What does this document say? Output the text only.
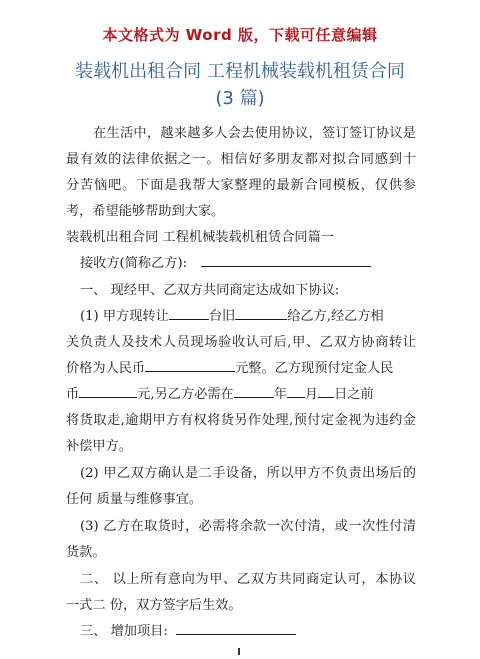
本文格式为 Word 版，下载可任意编辑
装载机出租合同 工程机械装载机租赁合同
(3 篇)
在生活中，越来越多人会去使用协议，签订签订协议是
最有效的法律依据之一。相信好多朋友都对拟合同感到十
分苦恼吧。下面是我帮大家整理的最新合同模板，仅供参
考，希望能够帮助到大家。
装载机出租合同 工程机械装载机租赁合同篇一
接收方(简称乙方):
一、 现经甲、乙双方共同商定达成如下协议:
(1) 甲方现转让	台旧	给乙方,经乙方相
关负责人及技术人员现场验收认可后,甲、乙双方协商转让
价格为人民币	元整。乙方现预付定金人民
币	元,另乙方必需在	年 月 日之前
将货取走,逾期甲方有权将货另作处理,预付定金视为违约金
补偿甲方。
(2) 甲乙双方确认是二手设备，所以甲方不负责出场后的
任何 质量与维修事宜。
(3) 乙方在取货时，必需将余款一次付清，或一次性付清
货款。
二、 以上所有意向为甲、乙双方共同商定认可，本协议
一式二 份，双方签字后生效。
三、 增加项目:
